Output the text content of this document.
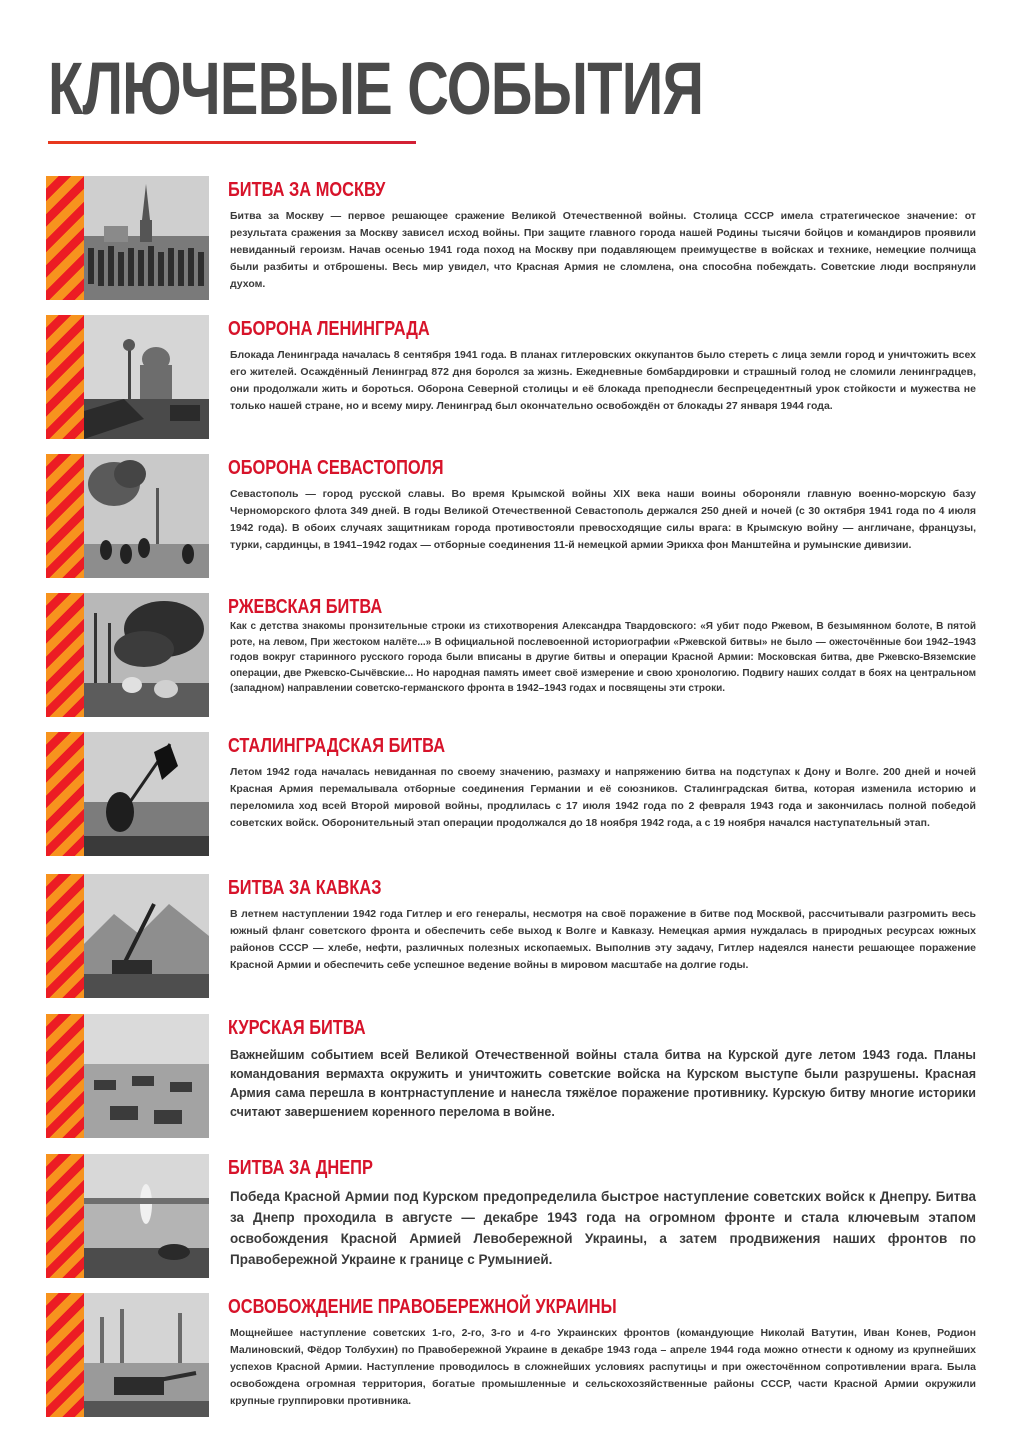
КЛЮЧЕВЫЕ СОБЫТИЯ
БИТВА ЗА МОСКВУ

Битва за Москву — первое решающее сражение Великой Отечественной войны. Столица СССР имела стратегическое значение: от результата сражения за Москву зависел исход войны. При защите главного города нашей Родины тысячи бойцов и командиров проявили невиданный героизм. Начав осенью 1941 года поход на Москву при подавляющем преимуществе в войсках и технике, немецкие полчища были разбиты и отброшены. Весь мир увидел, что Красная Армия не сломлена, она способна побеждать. Советские люди воспрянули духом.

ОБОРОНА ЛЕНИНГРАДА

Блокада Ленинграда началась 8 сентября 1941 года. В планах гитлеровских оккупантов было стереть с лица земли город и уничтожить всех его жителей. Осаждённый Ленинград 872 дня боролся за жизнь. Ежедневные бомбардировки и страшный голод не сломили ленинградцев, они продолжали жить и бороться. Оборона Северной столицы и её блокада преподнесли беспрецедентный урок стойкости и мужества не только нашей стране, но и всему миру. Ленинград был окончательно освобождён от блокады 27 января 1944 года.

ОБОРОНА СЕВАСТОПОЛЯ

Севастополь — город русской славы. Во время Крымской войны XIX века наши воины обороняли главную военно-морскую базу Черноморского флота 349 дней. В годы Великой Отечественной Севастополь держался 250 дней и ночей (с 30 октября 1941 года по 4 июля 1942 года). В обоих случаях защитникам города противостояли превосходящие силы врага: в Крымскую войну — англичане, французы, турки, сардинцы, в 1941–1942 годах — отборные соединения 11-й немецкой армии Эрикха фон Манштейна и румынские дивизии.

РЖЕВСКАЯ БИТВА

Как с детства знакомы пронзительные строки из стихотворения Александра Твардовского: «Я убит подо Ржевом, В безымянном болоте, В пятой роте, на левом, При жестоком налёте...» В официальной послевоенной историографии «Ржевской битвы» не было — ожесточённые бои 1942–1943 годов вокруг старинного русского города были вписаны в другие битвы и операции Красной Армии: Московская битва, две Ржевско-Вяземские операции, две Ржевско-Сычёвские... Но народная память имеет своё измерение и свою хронологию. Подвигу наших солдат в боях на центральном (западном) направлении советско-германского фронта в 1942–1943 годах и посвящены эти строки.

СТАЛИНГРАДСКАЯ БИТВА

Летом 1942 года началась невиданная по своему значению, размаху и напряжению битва на подступах к Дону и Волге. 200 дней и ночей Красная Армия перемалывала отборные соединения Германии и её союзников. Сталинградская битва, которая изменила историю и переломила ход всей Второй мировой войны, продлилась с 17 июля 1942 года по 2 февраля 1943 года и закончилась полной победой советских войск. Оборонительный этап операции продолжался до 18 ноября 1942 года, а с 19 ноября начался наступательный этап.

БИТВА ЗА КАВКАЗ

В летнем наступлении 1942 года Гитлер и его генералы, несмотря на своё поражение в битве под Москвой, рассчитывали разгромить весь южный фланг советского фронта и обеспечить себе выход к Волге и Кавказу. Немецкая армия нуждалась в природных ресурсах южных районов СССР — хлебе, нефти, различных полезных ископаемых. Выполнив эту задачу, Гитлер надеялся нанести решающее поражение Красной Армии и обеспечить себе успешное ведение войны в мировом масштабе на долгие годы.

КУРСКАЯ БИТВА

Важнейшим событием всей Великой Отечественной войны стала битва на Курской дуге летом 1943 года. Планы командования вермахта окружить и уничтожить советские войска на Курском выступе были разрушены. Красная Армия сама перешла в контрнаступление и нанесла тяжёлое поражение противнику. Курскую битву многие историки считают завершением коренного перелома в войне.

БИТВА ЗА ДНЕПР

Победа Красной Армии под Курском предопределила быстрое наступление советских войск к Днепру. Битва за Днепр проходила в августе — декабре 1943 года на огромном фронте и стала ключевым этапом освобождения Красной Армией Левобережной Украины, а затем продвижения наших фронтов по Правобережной Украине к границе с Румынией.

ОСВОБОЖДЕНИЕ ПРАВОБЕРЕЖНОЙ УКРАИНЫ

Мощнейшее наступление советских 1-го, 2-го, 3-го и 4-го Украинских фронтов (командующие Николай Ватутин, Иван Конев, Родион Малиновский, Фёдор Толбухин) по Правобережной Украине в декабре 1943 года – апреле 1944 года можно отнести к одному из крупнейших успехов Красной Армии. Наступление проводилось в сложнейших условиях распутицы и при ожесточённом сопротивлении врага. Была освобождена огромная территория, богатые промышленные и сельскохозяйственные районы СССР, части Красной Армии окружили крупные группировки противника.
